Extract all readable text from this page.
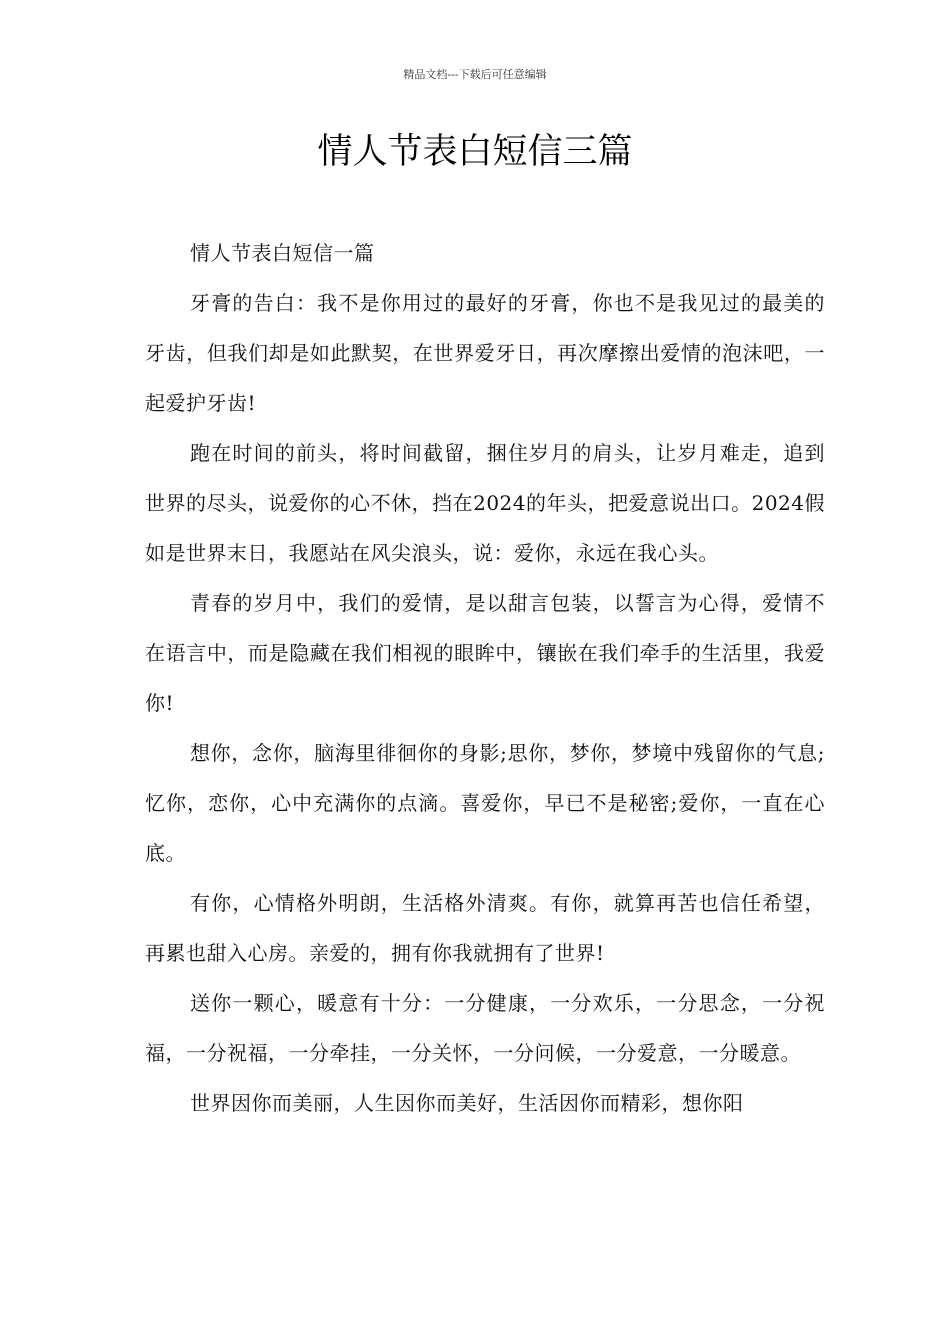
精品文档---下载后可任意编辑
情人节表白短信三篇

情人节表白短信一篇

牙膏的告白：我不是你用过的最好的牙膏，你也不是我见过的最美的牙齿，但我们却是如此默契，在世界爱牙日，再次摩擦出爱情的泡沫吧，一起爱护牙齿!

跑在时间的前头，将时间截留，捆住岁月的肩头，让岁月难走，追到世界的尽头，说爱你的心不休，挡在2024的年头，把爱意说出口。2024假如是世界末日，我愿站在风尖浪头，说：爱你，永远在我心头。

青春的岁月中，我们的爱情，是以甜言包装，以誓言为心得，爱情不在语言中，而是隐藏在我们相视的眼眸中，镶嵌在我们牵手的生活里，我爱你!

想你，念你，脑海里徘徊你的身影;思你，梦你，梦境中残留你的气息;忆你，恋你，心中充满你的点滴。喜爱你，早已不是秘密;爱你，一直在心底。

有你，心情格外明朗，生活格外清爽。有你，就算再苦也信任希望，再累也甜入心房。亲爱的，拥有你我就拥有了世界!

送你一颗心，暖意有十分：一分健康，一分欢乐，一分思念，一分祝福，一分祝福，一分牵挂，一分关怀，一分问候，一分爱意，一分暖意。

世界因你而美丽，人生因你而美好，生活因你而精彩，想你阳
